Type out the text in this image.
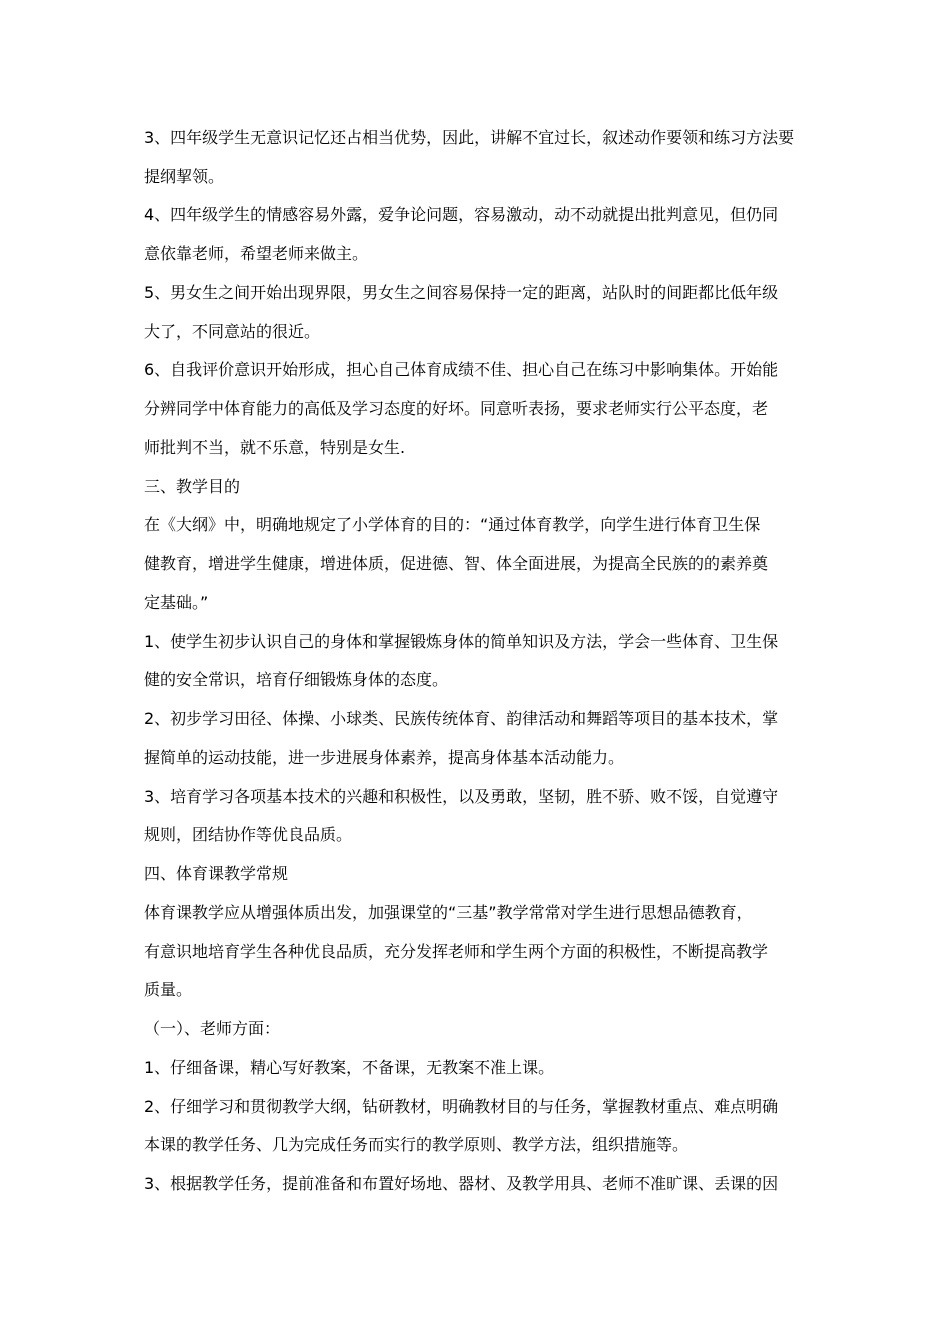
3、四年级学生无意识记忆还占相当优势，因此，讲解不宜过长，叙述动作要领和练习方法要

提纲挈领。

4、四年级学生的情感容易外露，爱争论问题，容易激动，动不动就提出批判意见，但仍同

意依靠老师，希望老师来做主。

5、男女生之间开始出现界限，男女生之间容易保持一定的距离，站队时的间距都比低年级

大了，不同意站的很近。

6、自我评价意识开始形成，担心自己体育成绩不佳、担心自己在练习中影响集体。开始能

分辨同学中体育能力的高低及学习态度的好坏。同意听表扬，要求老师实行公平态度，老

师批判不当，就不乐意，特别是女生.

三、教学目的

在《大纲》中，明确地规定了小学体育的目的：“通过体育教学，向学生进行体育卫生保

健教育，增进学生健康，增进体质，促进德、智、体全面进展，为提高全民族的的素养奠

定基础。”

1、使学生初步认识自己的身体和掌握锻炼身体的简单知识及方法，学会一些体育、卫生保

健的安全常识，培育仔细锻炼身体的态度。

2、初步学习田径、体操、小球类、民族传统体育、韵律活动和舞蹈等项目的基本技术，掌

握简单的运动技能，进一步进展身体素养，提高身体基本活动能力。

3、培育学习各项基本技术的兴趣和积极性，以及勇敢，坚韧，胜不骄、败不馁，自觉遵守

规则，团结协作等优良品质。

四、体育课教学常规

体育课教学应从增强体质出发，加强课堂的“三基”教学常常对学生进行思想品德教育，

有意识地培育学生各种优良品质，充分发挥老师和学生两个方面的积极性，不断提高教学

质量。

（一）、老师方面：

1、仔细备课，精心写好教案，不备课，无教案不准上课。

2、仔细学习和贯彻教学大纲，钻研教材，明确教材目的与任务，掌握教材重点、难点明确

本课的教学任务、几为完成任务而实行的教学原则、教学方法，组织措施等。

3、根据教学任务，提前准备和布置好场地、器材、及教学用具、老师不准旷课、丢课的因
